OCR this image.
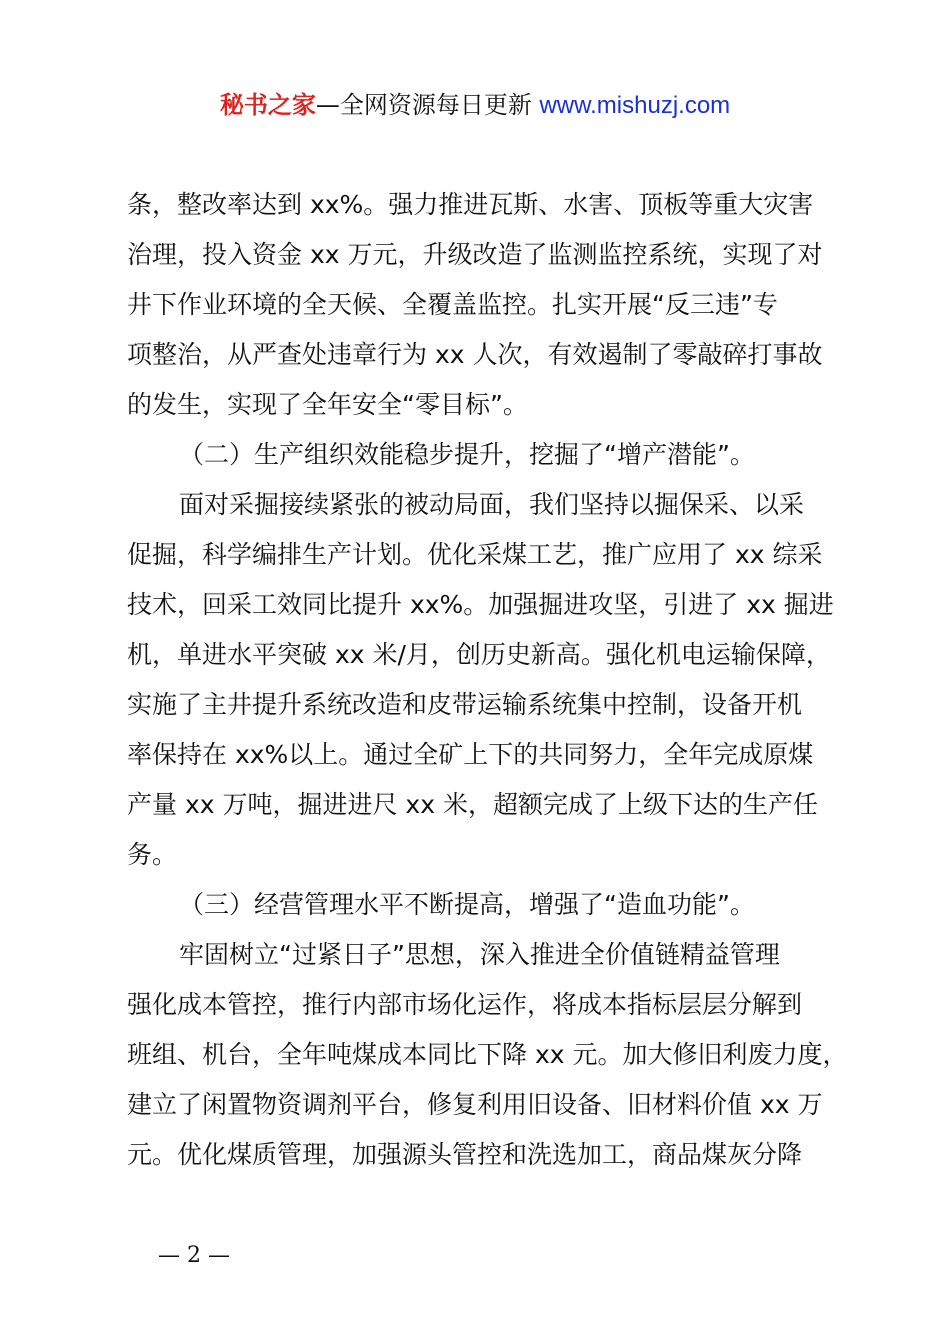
秘书之家—全网资源每日更新 www.mishuzj.com
条，整改率达到 xx%。强力推进瓦斯、水害、顶板等重大灾害
治理，投入资金 xx 万元，升级改造了监测监控系统，实现了对
井下作业环境的全天候、全覆盖监控。扎实开展“反三违”专
项整治，从严查处违章行为 xx 人次，有效遏制了零敲碎打事故
的发生，实现了全年安全“零目标”。
（二）生产组织效能稳步提升，挖掘了“增产潜能”。
面对采掘接续紧张的被动局面，我们坚持以掘保采、以采
促掘，科学编排生产计划。优化采煤工艺，推广应用了 xx 综采
技术，回采工效同比提升 xx%。加强掘进攻坚，引进了 xx 掘进
机，单进水平突破 xx 米/月，创历史新高。强化机电运输保障，
实施了主井提升系统改造和皮带运输系统集中控制，设备开机
率保持在 xx%以上。通过全矿上下的共同努力，全年完成原煤
产量 xx 万吨，掘进进尺 xx 米，超额完成了上级下达的生产任
务。
（三）经营管理水平不断提高，增强了“造血功能”。
牢固树立“过紧日子”思想，深入推进全价值链精益管理
强化成本管控，推行内部市场化运作，将成本指标层层分解到
班组、机台，全年吨煤成本同比下降 xx 元。加大修旧利废力度，
建立了闲置物资调剂平台，修复利用旧设备、旧材料价值 xx 万
元。优化煤质管理，加强源头管控和洗选加工，商品煤灰分降
— 2 —
